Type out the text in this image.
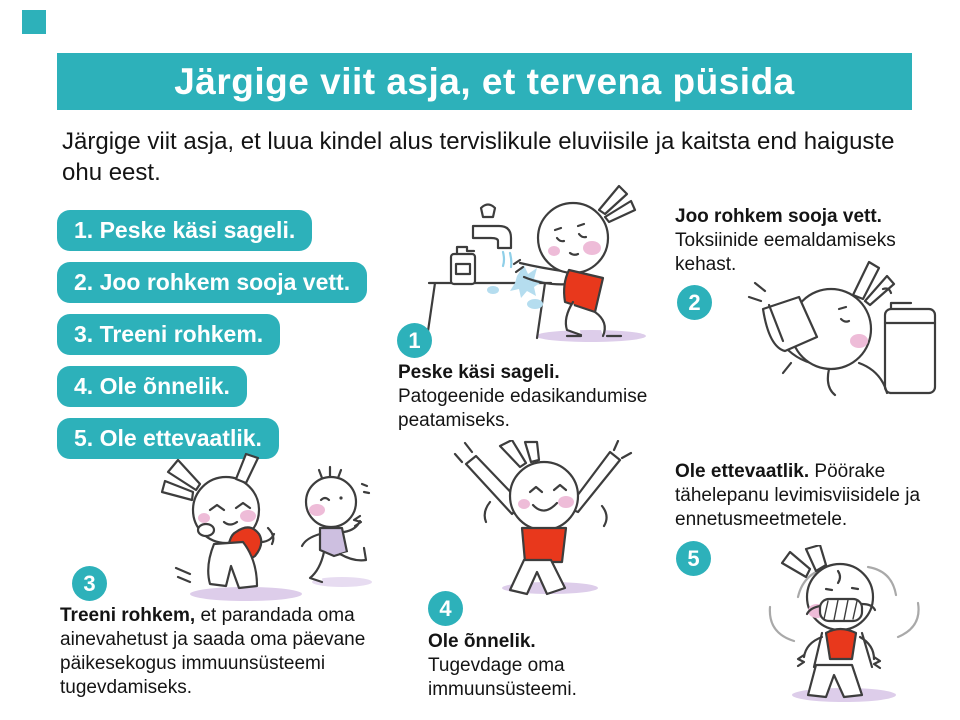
Järgige viit asja, et tervena püsida
Järgige viit asja, et luua kindel alus tervislikule eluviisile ja kaitsta end haiguste ohu eest.
1. Peske käsi sageli.
2. Joo rohkem sooja vett.
3. Treeni rohkem.
4. Ole õnnelik.
5. Ole ettevaatlik.
1
Peske käsi sageli.
Patogeenide edasikandumise peatamiseks.
Joo rohkem sooja vett.
Toksiinide eemaldamiseks kehast.
2
3
Treeni rohkem, et parandada oma ainevahetust ja saada oma päevane päikesekogus immuunsüsteemi tugevdamiseks.
4
Ole õnnelik.
Tugevdage oma immuunsüsteemi.
Ole ettevaatlik. Pöörake tähelepanu levimisviisidele ja ennetusmeetmetele.
5
